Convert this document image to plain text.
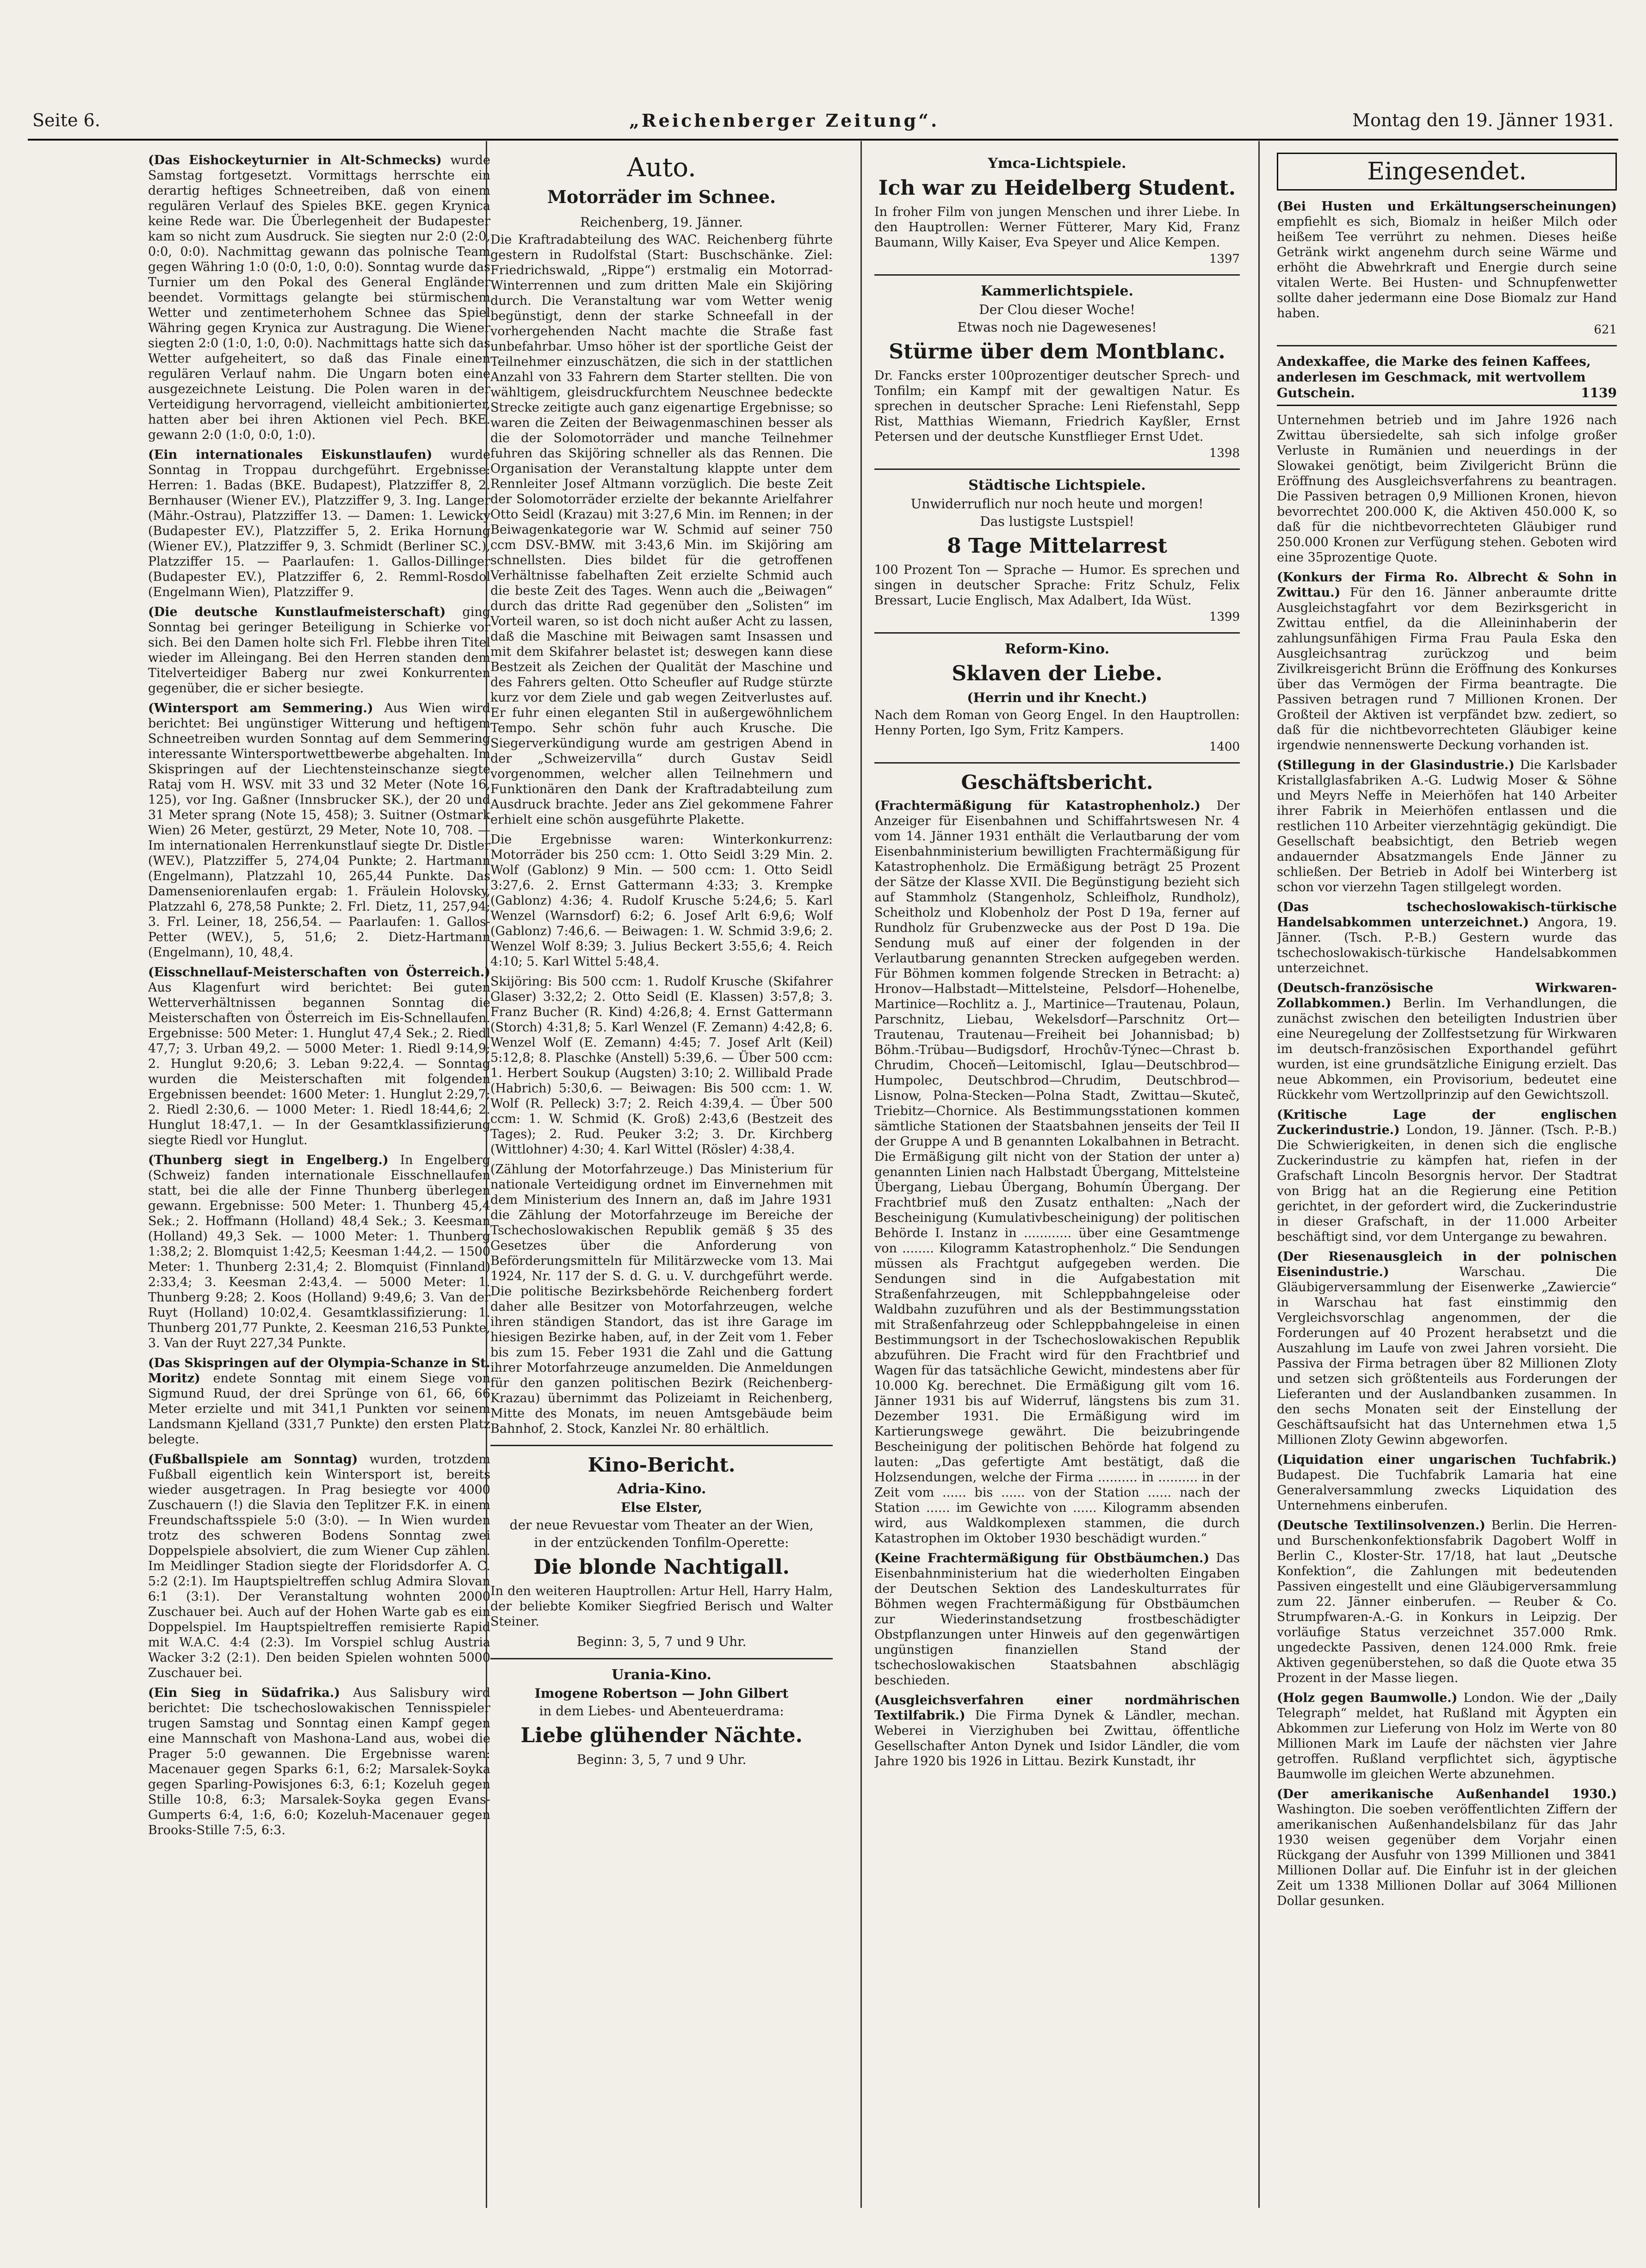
Seite 6.	„Reichenberger Zeitung“.	Montag den 19. Jänner 1931.

(Das Eishockeyturnier in Alt-Schmecks) wurde Samstag fortgesetzt. Vormittags herrschte ein derartig heftiges Schneetreiben, daß von einem regulären Verlauf des Spieles BKE. gegen Krynica keine Rede war. Die Überlegenheit der Budapester kam so nicht zum Ausdruck. Sie siegten nur 2:0 (2:0, 0:0, 0:0). Nachmittag gewann das polnische Team gegen Währing 1:0 (0:0, 1:0, 0:0). Sonntag wurde das Turnier um den Pokal des General Engländer beendet. Vormittags gelangte bei stürmischem Wetter und zentimeterhohem Schnee das Spiel Währing gegen Krynica zur Austragung. Die Wiener siegten 2:0 (1:0, 1:0, 0:0). Nachmittags hatte sich das Wetter aufgeheitert, so daß das Finale einen regulären Verlauf nahm. Die Ungarn boten eine ausgezeichnete Leistung. Die Polen waren in der Verteidigung hervorragend, vielleicht ambitionierter, hatten aber bei ihren Aktionen viel Pech. BKE. gewann 2:0 (1:0, 0:0, 1:0).

(Ein internationales Eiskunstlaufen) wurde Sonntag in Troppau durchgeführt. Ergebnisse: Herren: 1. Badas (BKE. Budapest), Platzziffer 8, 2. Bernhauser (Wiener EV.), Platzziffer 9, 3. Ing. Langer (Mähr.-Ostrau), Platzziffer 13. — Damen: 1. Lewicky (Budapester EV.), Platzziffer 5, 2. Erika Hornung (Wiener EV.), Platzziffer 9, 3. Schmidt (Berliner SC.), Platzziffer 15. — Paarlaufen: 1. Gallos-Dillinger (Budapester EV.), Platzziffer 6, 2. Remml-Rosdol (Engelmann Wien), Platzziffer 9.

(Die deutsche Kunstlaufmeisterschaft) ging Sonntag bei geringer Beteiligung in Schierke vor sich. Bei den Damen holte sich Frl. Flebbe ihren Titel wieder im Alleingang. Bei den Herren standen dem Titelverteidiger Baberg nur zwei Konkurrenten gegenüber, die er sicher besiegte.

(Wintersport am Semmering.) Aus Wien wird berichtet: Bei ungünstiger Witterung und heftigem Schneetreiben wurden Sonntag auf dem Semmering interessante Wintersportwettbewerbe abgehalten. Im Skispringen auf der Liechtensteinschanze siegte Rataj vom H. WSV. mit 33 und 32 Meter (Note 16, 125), vor Ing. Gaßner (Innsbrucker SK.), der 20 und 31 Meter sprang (Note 15, 458); 3. Suitner (Ostmark Wien) 26 Meter, gestürzt, 29 Meter, Note 10, 708. — Im internationalen Herrenkunstlauf siegte Dr. Distler (WEV.), Platzziffer 5, 274,04 Punkte; 2. Hartmann (Engelmann), Platzzahl 10, 265,44 Punkte. Das Damenseniorenlaufen ergab: 1. Fräulein Holovsky, Platzzahl 6, 278,58 Punkte; 2. Frl. Dietz, 11, 257,94; 3. Frl. Leiner, 18, 256,54. — Paarlaufen: 1. Gallos-Petter (WEV.), 5, 51,6; 2. Dietz-Hartmann (Engelmann), 10, 48,4.

(Eisschnellauf-Meisterschaften von Österreich.) Aus Klagenfurt wird berichtet: Bei guten Wetterverhältnissen begannen Sonntag die Meisterschaften von Österreich im Eis-Schnellaufen. Ergebnisse: 500 Meter: 1. Hunglut 47,4 Sek.; 2. Riedl 47,7; 3. Urban 49,2. — 5000 Meter: 1. Riedl 9:14,9; 2. Hunglut 9:20,6; 3. Leban 9:22,4. — Sonntag wurden die Meisterschaften mit folgenden Ergebnissen beendet: 1600 Meter: 1. Hunglut 2:29,7; 2. Riedl 2:30,6. — 1000 Meter: 1. Riedl 18:44,6; 2. Hunglut 18:47,1. — In der Gesamtklassifizierung siegte Riedl vor Hunglut.

(Thunberg siegt in Engelberg.) In Engelberg (Schweiz) fanden internationale Eisschnellaufen statt, bei die alle der Finne Thunberg überlegen gewann. Ergebnisse: 500 Meter: 1. Thunberg 45,4 Sek.; 2. Hoffmann (Holland) 48,4 Sek.; 3. Keesman (Holland) 49,3 Sek. — 1000 Meter: 1. Thunberg 1:38,2; 2. Blomquist 1:42,5; Keesman 1:44,2. — 1500 Meter: 1. Thunberg 2:31,4; 2. Blomquist (Finnland) 2:33,4; 3. Keesman 2:43,4. — 5000 Meter: 1. Thunberg 9:28; 2. Koos (Holland) 9:49,6; 3. Van der Ruyt (Holland) 10:02,4. Gesamtklassifizierung: 1. Thunberg 201,77 Punkte, 2. Keesman 216,53 Punkte, 3. Van der Ruyt 227,34 Punkte.

(Das Skispringen auf der Olympia-Schanze in St. Moritz) endete Sonntag mit einem Siege von Sigmund Ruud, der drei Sprünge von 61, 66, 66 Meter erzielte und mit 341,1 Punkten vor seinem Landsmann Kjelland (331,7 Punkte) den ersten Platz belegte.

(Fußballspiele am Sonntag) wurden, trotzdem Fußball eigentlich kein Wintersport ist, bereits wieder ausgetragen. In Prag besiegte vor 4000 Zuschauern (!) die Slavia den Teplitzer F.K. in einem Freundschaftsspiele 5:0 (3:0). — In Wien wurden trotz des schweren Bodens Sonntag zwei Doppelspiele absolviert, die zum Wiener Cup zählen. Im Meidlinger Stadion siegte der Floridsdorfer A. C. 5:2 (2:1). Im Hauptspieltreffen schlug Admira Slovan 6:1 (3:1). Der Veranstaltung wohnten 2000 Zuschauer bei. Auch auf der Hohen Warte gab es ein Doppelspiel. Im Hauptspieltreffen remisierte Rapid mit W.A.C. 4:4 (2:3). Im Vorspiel schlug Austria Wacker 3:2 (2:1). Den beiden Spielen wohnten 5000 Zuschauer bei.

(Ein Sieg in Südafrika.) Aus Salisbury wird berichtet: Die tschechoslowakischen Tennisspieler trugen Samstag und Sonntag einen Kampf gegen eine Mannschaft von Mashona-Land aus, wobei die Prager 5:0 gewannen. Die Ergebnisse waren: Macenauer gegen Sparks 6:1, 6:2; Marsalek-Soyka gegen Sparling-Powisjones 6:3, 6:1; Kozeluh gegen Stille 10:8, 6:3; Marsalek-Soyka gegen Evans-Gumperts 6:4, 1:6, 6:0; Kozeluh-Macenauer gegen Brooks-Stille 7:5, 6:3.

Auto.
Motorräder im Schnee.
Reichenberg, 19. Jänner.

Die Kraftradabteilung des WAC. Reichenberg führte gestern in Rudolfstal (Start: Buschschänke. Ziel: Friedrichswald, „Rippe“) erstmalig ein Motorrad-Winterrennen und zum dritten Male ein Skijöring durch. Die Veranstaltung war vom Wetter wenig begünstigt, denn der starke Schneefall in der vorhergehenden Nacht machte die Straße fast unbefahrbar. Umso höher ist der sportliche Geist der Teilnehmer einzuschätzen, die sich in der stattlichen Anzahl von 33 Fahrern dem Starter stellten. Die von wähltigem, gleisdruckfurchtem Neuschnee bedeckte Strecke zeitigte auch ganz eigenartige Ergebnisse; so waren die Zeiten der Beiwagenmaschinen besser als die der Solomotorräder und manche Teilnehmer fuhren das Skijöring schneller als das Rennen. Die Organisation der Veranstaltung klappte unter dem Rennleiter Josef Altmann vorzüglich. Die beste Zeit der Solomotorräder erzielte der bekannte Arielfahrer Otto Seidl (Krazau) mit 3:27,6 Min. im Rennen; in der Beiwagenkategorie war W. Schmid auf seiner 750 ccm DSV.-BMW. mit 3:43,6 Min. im Skijöring am schnellsten. Dies bildet für die getroffenen Verhältnisse fabelhaften Zeit erzielte Schmid auch die beste Zeit des Tages. Wenn auch die „Beiwagen“ durch das dritte Rad gegenüber den „Solisten“ im Vorteil waren, so ist doch nicht außer Acht zu lassen, daß die Maschine mit Beiwagen samt Insassen und mit dem Skifahrer belastet ist; deswegen kann diese Bestzeit als Zeichen der Qualität der Maschine und des Fahrers gelten. Otto Scheufler auf Rudge stürzte kurz vor dem Ziele und gab wegen Zeitverlustes auf. Er fuhr einen eleganten Stil in außergewöhnlichem Tempo. Sehr schön fuhr auch Krusche. Die Siegerverkündigung wurde am gestrigen Abend in der „Schweizervilla“ durch Gustav Seidl vorgenommen, welcher allen Teilnehmern und Funktionären den Dank der Kraftradabteilung zum Ausdruck brachte. Jeder ans Ziel gekommene Fahrer erhielt eine schön ausgeführte Plakette.

Die Ergebnisse waren: Winterkonkurrenz: Motorräder bis 250 ccm: 1. Otto Seidl 3:29 Min. 2. Wolf (Gablonz) 9 Min. — 500 ccm: 1. Otto Seidl 3:27,6. 2. Ernst Gattermann 4:33; 3. Krempke (Gablonz) 4:36; 4. Rudolf Krusche 5:24,6; 5. Karl Wenzel (Warnsdorf) 6:2; 6. Josef Arlt 6:9,6; Wolf (Gablonz) 7:46,6. — Beiwagen: 1. W. Schmid 3:9,6; 2. Wenzel Wolf 8:39; 3. Julius Beckert 3:55,6; 4. Reich 4:10; 5. Karl Wittel 5:48,4.

Skijöring: Bis 500 ccm: 1. Rudolf Krusche (Skifahrer Glaser) 3:32,2; 2. Otto Seidl (E. Klassen) 3:57,8; 3. Franz Bucher (R. Kind) 4:26,8; 4. Ernst Gattermann (Storch) 4:31,8; 5. Karl Wenzel (F. Zemann) 4:42,8; 6. Wenzel Wolf (E. Zemann) 4:45; 7. Josef Arlt (Keil) 5:12,8; 8. Plaschke (Anstell) 5:39,6. — Über 500 ccm: 1. Herbert Soukup (Augsten) 3:10; 2. Willibald Prade (Habrich) 5:30,6. — Beiwagen: Bis 500 ccm: 1. W. Wolf (R. Pelleck) 3:7; 2. Reich 4:39,4. — Über 500 ccm: 1. W. Schmid (K. Groß) 2:43,6 (Bestzeit des Tages); 2. Rud. Peuker 3:2; 3. Dr. Kirchberg (Wittlohner) 4:30; 4. Karl Wittel (Rösler) 4:38,4.

(Zählung der Motorfahrzeuge.) Das Ministerium für nationale Verteidigung ordnet im Einvernehmen mit dem Ministerium des Innern an, daß im Jahre 1931 die Zählung der Motorfahrzeuge im Bereiche der Tschechoslowakischen Republik gemäß § 35 des Gesetzes über die Anforderung von Beförderungsmitteln für Militärzwecke vom 13. Mai 1924, Nr. 117 der S. d. G. u. V. durchgeführt werde. Die politische Bezirksbehörde Reichenberg fordert daher alle Besitzer von Motorfahrzeugen, welche ihren ständigen Standort, das ist ihre Garage im hiesigen Bezirke haben, auf, in der Zeit vom 1. Feber bis zum 15. Feber 1931 die Zahl und die Gattung ihrer Motorfahrzeuge anzumelden. Die Anmeldungen für den ganzen politischen Bezirk (Reichenberg-Krazau) übernimmt das Polizeiamt in Reichenberg, Mitte des Monats, im neuen Amtsgebäude beim Bahnhof, 2. Stock, Kanzlei Nr. 80 erhältlich.

Kino-Bericht.
Adria-Kino.
Else Elster,
der neue Revuestar vom Theater an der Wien,
in der entzückenden Tonfilm-Operette:
Die blonde Nachtigall.

In den weiteren Hauptrollen: Artur Hell, Harry Halm, der beliebte Komiker Siegfried Berisch und Walter Steiner.

Beginn: 3, 5, 7 und 9 Uhr.
Urania-Kino.
Imogene Robertson — John Gilbert
in dem Liebes- und Abenteuerdrama:
Liebe glühender Nächte.
Beginn: 3, 5, 7 und 9 Uhr.
Ymca-Lichtspiele.
Ich war zu Heidelberg Student.

In froher Film von jungen Menschen und ihrer Liebe. In den Hauptrollen: Werner Fütterer, Mary Kid, Franz Baumann, Willy Kaiser, Eva Speyer und Alice Kempen.

1397
Kammerlichtspiele.
Der Clou dieser Woche!
Etwas noch nie Dagewesenes!
Stürme über dem Montblanc.

Dr. Fancks erster 100prozentiger deutscher Sprech- und Tonfilm; ein Kampf mit der gewaltigen Natur. Es sprechen in deutscher Sprache: Leni Riefenstahl, Sepp Rist, Matthias Wiemann, Friedrich Kayßler, Ernst Petersen und der deutsche Kunstflieger Ernst Udet.

1398
Städtische Lichtspiele.
Unwiderruflich nur noch heute und morgen!
Das lustigste Lustspiel!
8 Tage Mittelarrest

100 Prozent Ton — Sprache — Humor. Es sprechen und singen in deutscher Sprache: Fritz Schulz, Felix Bressart, Lucie Englisch, Max Adalbert, Ida Wüst.

1399
Reform-Kino.
Sklaven der Liebe.
(Herrin und ihr Knecht.)

Nach dem Roman von Georg Engel. In den Hauptrollen: Henny Porten, Igo Sym, Fritz Kampers.

1400
Geschäftsbericht.

(Frachtermäßigung für Katastrophenholz.) Der Anzeiger für Eisenbahnen und Schiffahrtswesen Nr. 4 vom 14. Jänner 1931 enthält die Verlautbarung der vom Eisenbahnministerium bewilligten Frachtermäßigung für Katastrophenholz. Die Ermäßigung beträgt 25 Prozent der Sätze der Klasse XVII. Die Begünstigung bezieht sich auf Stammholz (Stangenholz, Schleifholz, Rundholz), Scheitholz und Klobenholz der Post D 19a, ferner auf Rundholz für Grubenzwecke aus der Post D 19a. Die Sendung muß auf einer der folgenden in der Verlautbarung genannten Strecken aufgegeben werden. Für Böhmen kommen folgende Strecken in Betracht: a) Hronov—Halbstadt—Mittelsteine, Pelsdorf—Hohenelbe, Martinice—Rochlitz a. J., Martinice—Trautenau, Polaun, Parschnitz, Liebau, Wekelsdorf—Parschnitz Ort—Trautenau, Trautenau—Freiheit bei Johannisbad; b) Böhm.-Trübau—Budigsdorf, Hrochův-Týnec—Chrast b. Chrudim, Choceň—Leitomischl, Iglau—Deutschbrod—Humpolec, Deutschbrod—Chrudim, Deutschbrod—Lisnow, Polna-Stecken—Polna Stadt, Zwittau—Skuteč, Triebitz—Chornice. Als Bestimmungsstationen kommen sämtliche Stationen der Staatsbahnen jenseits der Teil II der Gruppe A und B genannten Lokalbahnen in Betracht. Die Ermäßigung gilt nicht von der Station der unter a) genannten Linien nach Halbstadt Übergang, Mittelsteine Übergang, Liebau Übergang, Bohumín Übergang. Der Frachtbrief muß den Zusatz enthalten: „Nach der Bescheinigung (Kumulativbescheinigung) der politischen Behörde I. Instanz in ............ über eine Gesamtmenge von ........ Kilogramm Katastrophenholz.“ Die Sendungen müssen als Frachtgut aufgegeben werden. Die Sendungen sind in die Aufgabestation mit Straßenfahrzeugen, mit Schleppbahngeleise oder Waldbahn zuzuführen und als der Bestimmungsstation mit Straßenfahrzeug oder Schleppbahngeleise in einen Bestimmungsort in der Tschechoslowakischen Republik abzuführen. Die Fracht wird für den Frachtbrief und Wagen für das tatsächliche Gewicht, mindestens aber für 10.000 Kg. berechnet. Die Ermäßigung gilt vom 16. Jänner 1931 bis auf Widerruf, längstens bis zum 31. Dezember 1931. Die Ermäßigung wird im Kartierungswege gewährt. Die beizubringende Bescheinigung der politischen Behörde hat folgend zu lauten: „Das gefertigte Amt bestätigt, daß die Holzsendungen, welche der Firma .......... in .......... in der Zeit vom ...... bis ...... von der Station ...... nach der Station ...... im Gewichte von ...... Kilogramm absenden wird, aus Waldkomplexen stammen, die durch Katastrophen im Oktober 1930 beschädigt wurden.“

(Keine Frachtermäßigung für Obstbäumchen.) Das Eisenbahnministerium hat die wiederholten Eingaben der Deutschen Sektion des Landeskulturrates für Böhmen wegen Frachtermäßigung für Obstbäumchen zur Wiederinstandsetzung frostbeschädigter Obstpflanzungen unter Hinweis auf den gegenwärtigen ungünstigen finanziellen Stand der tschechoslowakischen Staatsbahnen abschlägig beschieden.

(Ausgleichsverfahren einer nordmährischen Textilfabrik.) Die Firma Dynek & Ländler, mechan. Weberei in Vierzighuben bei Zwittau, öffentliche Gesellschafter Anton Dynek und Isidor Ländler, die vom Jahre 1920 bis 1926 in Littau. Bezirk Kunstadt, ihr

Eingesendet.

(Bei Husten und Erkältungserscheinungen) empfiehlt es sich, Biomalz in heißer Milch oder heißem Tee verrührt zu nehmen. Dieses heiße Getränk wirkt angenehm durch seine Wärme und erhöht die Abwehrkraft und Energie durch seine vitalen Werte. Bei Husten- und Schnupfenwetter sollte daher jedermann eine Dose Biomalz zur Hand haben.

621
Andexkaffee, die Marke des feinen Kaffees, anderlesen im Geschmack, mit wertvollem Gutschein.	1139

Unternehmen betrieb und im Jahre 1926 nach Zwittau übersiedelte, sah sich infolge großer Verluste in Rumänien und neuerdings in der Slowakei genötigt, beim Zivilgericht Brünn die Eröffnung des Ausgleichsverfahrens zu beantragen. Die Passiven betragen 0,9 Millionen Kronen, hievon bevorrechtet 200.000 K, die Aktiven 450.000 K, so daß für die nichtbevorrechteten Gläubiger rund 250.000 Kronen zur Verfügung stehen. Geboten wird eine 35prozentige Quote.

(Konkurs der Firma Ro. Albrecht & Sohn in Zwittau.) Für den 16. Jänner anberaumte dritte Ausgleichstagfahrt vor dem Bezirksgericht in Zwittau entfiel, da die Alleininhaberin der zahlungsunfähigen Firma Frau Paula Eska den Ausgleichsantrag zurückzog und beim Zivilkreisgericht Brünn die Eröffnung des Konkurses über das Vermögen der Firma beantragte. Die Passiven betragen rund 7 Millionen Kronen. Der Großteil der Aktiven ist verpfändet bzw. zediert, so daß für die nichtbevorrechteten Gläubiger keine irgendwie nennenswerte Deckung vorhanden ist.

(Stillegung in der Glasindustrie.) Die Karlsbader Kristallglasfabriken A.-G. Ludwig Moser & Söhne und Meyrs Neffe in Meierhöfen hat 140 Arbeiter ihrer Fabrik in Meierhöfen entlassen und die restlichen 110 Arbeiter vierzehntägig gekündigt. Die Gesellschaft beabsichtigt, den Betrieb wegen andauernder Absatzmangels Ende Jänner zu schließen. Der Betrieb in Adolf bei Winterberg ist schon vor vierzehn Tagen stillgelegt worden.

(Das tschechoslowakisch-türkische Handelsabkommen unterzeichnet.) Angora, 19. Jänner. (Tsch. P.-B.) Gestern wurde das tschechoslowakisch-türkische Handelsabkommen unterzeichnet.

(Deutsch-französische Wirkwaren-Zollabkommen.) Berlin. Im Verhandlungen, die zunächst zwischen den beteiligten Industrien über eine Neuregelung der Zollfestsetzung für Wirkwaren im deutsch-französischen Exporthandel geführt wurden, ist eine grundsätzliche Einigung erzielt. Das neue Abkommen, ein Provisorium, bedeutet eine Rückkehr vom Wertzollprinzip auf den Gewichtszoll.

(Kritische Lage der englischen Zuckerindustrie.) London, 19. Jänner. (Tsch. P.-B.) Die Schwierigkeiten, in denen sich die englische Zuckerindustrie zu kämpfen hat, riefen in der Grafschaft Lincoln Besorgnis hervor. Der Stadtrat von Brigg hat an die Regierung eine Petition gerichtet, in der gefordert wird, die Zuckerindustrie in dieser Grafschaft, in der 11.000 Arbeiter beschäftigt sind, vor dem Untergange zu bewahren.

(Der Riesenausgleich in der polnischen Eisenindustrie.)	Warschau. Die Gläubigerversammlung der Eisenwerke „Zawiercie“ in Warschau hat fast einstimmig den Vergleichsvorschlag angenommen, der die Forderungen auf 40 Prozent herabsetzt und die Auszahlung im Laufe von zwei Jahren vorsieht. Die Passiva der Firma betragen über 82 Millionen Zloty und setzen sich größtenteils aus Forderungen der Lieferanten und der Auslandbanken zusammen. In den sechs Monaten seit der Einstellung der Geschäftsaufsicht hat das Unternehmen etwa 1,5 Millionen Zloty Gewinn abgeworfen.

(Liquidation einer ungarischen Tuchfabrik.) Budapest. Die Tuchfabrik Lamaria hat eine Generalversammlung zwecks Liquidation des Unternehmens einberufen.

(Deutsche Textilinsolvenzen.) Berlin. Die Herren- und Burschenkonfektionsfabrik Dagobert Wolff in Berlin C., Kloster-Str. 17/18, hat laut „Deutsche Konfektion“, die Zahlungen mit bedeutenden Passiven eingestellt und eine Gläubigerversammlung zum 22. Jänner einberufen. — Reuber & Co. Strumpfwaren-A.-G. in Konkurs in Leipzig. Der vorläufige Status verzeichnet 357.000 Rmk. ungedeckte Passiven, denen 124.000 Rmk. freie Aktiven gegenüberstehen, so daß die Quote etwa 35 Prozent in der Masse liegen.

(Holz gegen Baumwolle.) London. Wie der „Daily Telegraph“ meldet, hat Rußland mit Ägypten ein Abkommen zur Lieferung von Holz im Werte von 80 Millionen Mark im Laufe der nächsten vier Jahre getroffen. Rußland verpflichtet sich, ägyptische Baumwolle im gleichen Werte abzunehmen.

(Der amerikanische Außenhandel 1930.) Washington. Die soeben veröffentlichten Ziffern der amerikanischen Außenhandelsbilanz für das Jahr 1930 weisen gegenüber dem Vorjahr einen Rückgang der Ausfuhr von 1399 Millionen und 3841 Millionen Dollar auf. Die Einfuhr ist in der gleichen Zeit um 1338 Millionen Dollar auf 3064 Millionen Dollar gesunken.
